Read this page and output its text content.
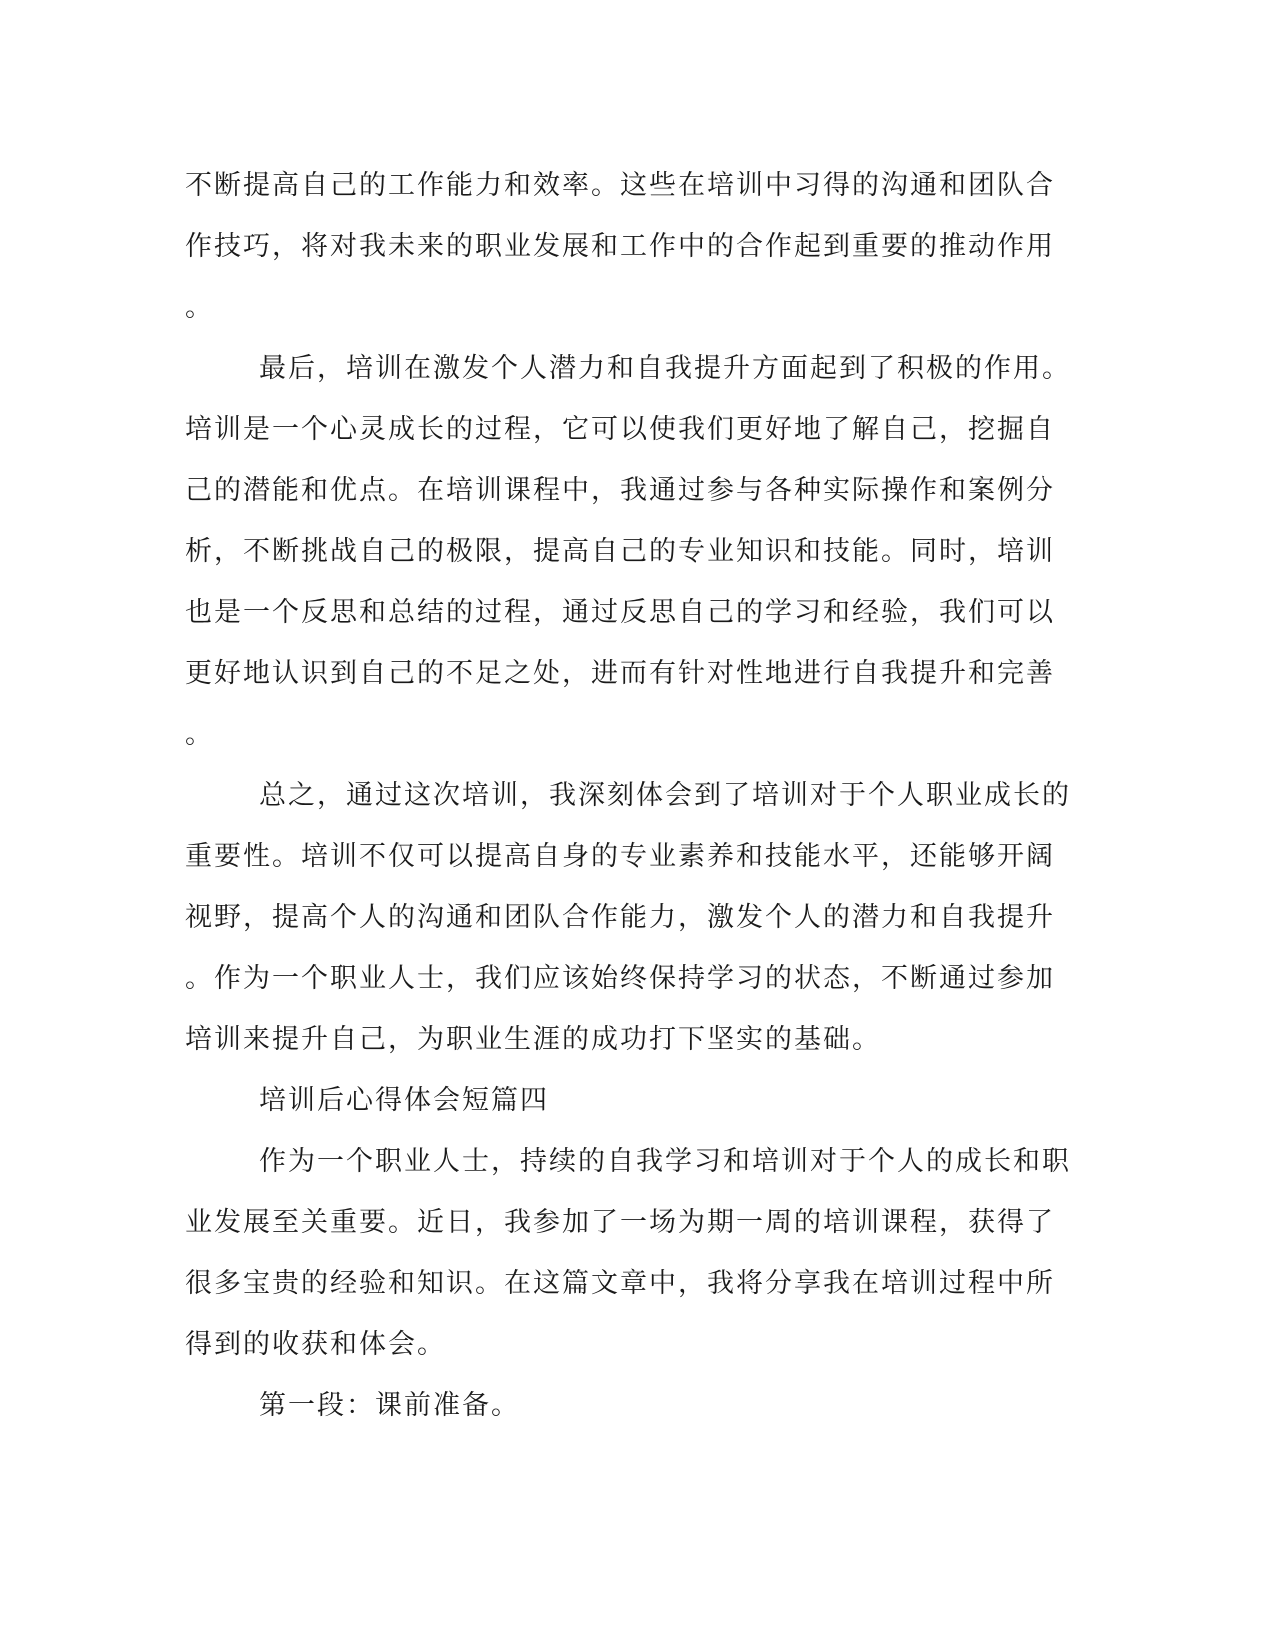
不断提高自己的工作能力和效率。这些在培训中习得的沟通和团队合
作技巧，将对我未来的职业发展和工作中的合作起到重要的推动作用
。
最后，培训在激发个人潜力和自我提升方面起到了积极的作用。
培训是一个心灵成长的过程，它可以使我们更好地了解自己，挖掘自
己的潜能和优点。在培训课程中，我通过参与各种实际操作和案例分
析，不断挑战自己的极限，提高自己的专业知识和技能。同时，培训
也是一个反思和总结的过程，通过反思自己的学习和经验，我们可以
更好地认识到自己的不足之处，进而有针对性地进行自我提升和完善
。
总之，通过这次培训，我深刻体会到了培训对于个人职业成长的
重要性。培训不仅可以提高自身的专业素养和技能水平，还能够开阔
视野，提高个人的沟通和团队合作能力，激发个人的潜力和自我提升
。作为一个职业人士，我们应该始终保持学习的状态，不断通过参加
培训来提升自己，为职业生涯的成功打下坚实的基础。
培训后心得体会短篇四
作为一个职业人士，持续的自我学习和培训对于个人的成长和职
业发展至关重要。近日，我参加了一场为期一周的培训课程，获得了
很多宝贵的经验和知识。在这篇文章中，我将分享我在培训过程中所
得到的收获和体会。
第一段：课前准备。
